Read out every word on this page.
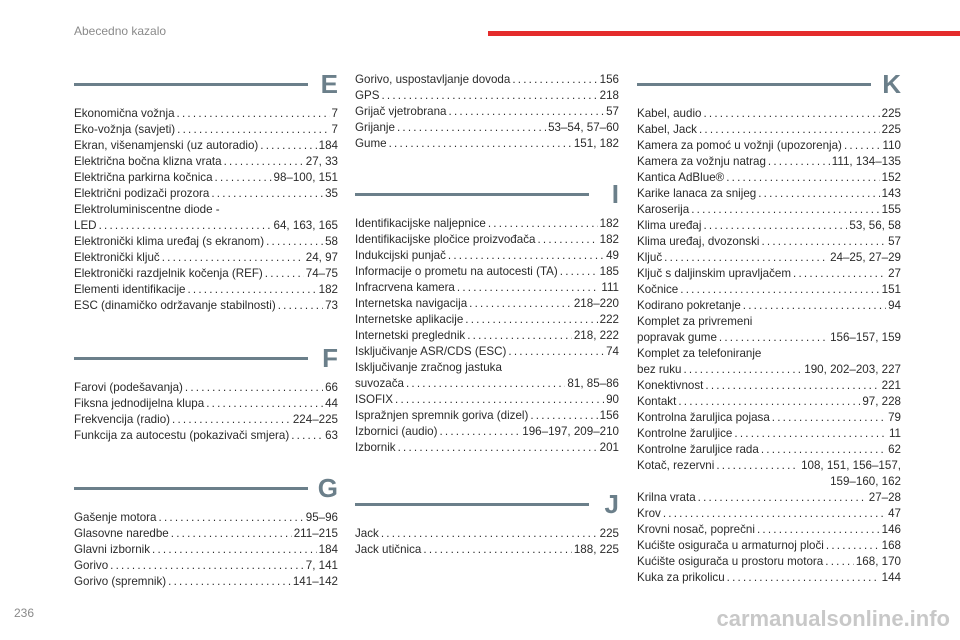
Abecedno kazalo
E
Ekonomična vožnja . . .	7
Eko-vožnja (savjeti) . . .	7
Ekran, višenamjenski (uz autoradio) . . .	184
Električna bočna klizna vrata . . .	27, 33
Električna parkirna kočnica . . .	98–100, 151
Električni podizači prozora . . .	35
Elektroluminiscentne diode -
LED . . .	64, 163, 165
Elektronički klima uređaj (s ekranom) . . .	58
Elektronički ključ . . .	24, 97
Elektronički razdjelnik kočenja (REF) . . .	74–75
Elementi identifikacije . . .	182
ESC (dinamičko održavanje stabilnosti) . . .	73
F
Farovi (podešavanja) . . .	66
Fiksna jednodijelna klupa . . .	44
Frekvencija (radio) . . .	224–225
Funkcija za autocestu (pokazivači smjera) . . .	63
G
Gašenje motora . . .	95–96
Glasovne naredbe . . .	211–215
Glavni izbornik . . .	184
Gorivo . . .	7, 141
Gorivo (spremnik) . . .	141–142
Gorivo, uspostavljanje dovoda . . .	156
GPS . . .	218
Grijač vjetrobrana . . .	57
Grijanje . . .	53–54, 57–60
Gume . . .	151, 182
I
Identifikacijske naljepnice . . .	182
Identifikacijske pločice proizvođača . . .	182
Indukcijski punjač . . .	49
Informacije o prometu na autocesti (TA) . . .	185
Infracrvena kamera . . .	111
Internetska navigacija . . .	218–220
Internetske aplikacije . . .	222
Internetski preglednik . . .	218, 222
Isključivanje ASR/CDS (ESC) . . .	74
Isključivanje zračnog jastuka
suvozača . . .	81, 85–86
ISOFIX . . .	90
Ispražnjen spremnik goriva (dizel) . . .	156
Izbornici (audio) . . .	196–197, 209–210
Izbornik . . .	201
J
Jack . . .	225
Jack utičnica . . .	188, 225
K
Kabel, audio . . .	225
Kabel, Jack . . .	225
Kamera za pomoć u vožnji (upozorenja) . . .	110
Kamera za vožnju natrag . . .	111, 134–135
Kantica AdBlue® . . .	152
Karike lanaca za snijeg . . .	143
Karoserija . . .	155
Klima uređaj . . .	53, 56, 58
Klima uređaj, dvozonski . . .	57
Ključ . . .	24–25, 27–29
Ključ s daljinskim upravljačem . . .	27
Kočnice . . .	151
Kodirano pokretanje . . .	94
Komplet za privremeni
popravak gume . . .	156–157, 159
Komplet za telefoniranje
bez ruku . . .	190, 202–203, 227
Konektivnost . . .	221
Kontakt . . .	97, 228
Kontrolna žaruljica pojasa . . .	79
Kontrolne žaruljice . . .	11
Kontrolne žaruljice rada . . .	62
Kotač, rezervni . . .	108, 151, 156–157,
159–160, 162
Krilna vrata . . .	27–28
Krov . . .	47
Krovni nosač, poprečni . . .	146
Kućište osigurača u armaturnoj ploči . . .	168
Kućište osigurača u prostoru motora . . .	168, 170
Kuka za prikolicu . . .	144
236	carmanualsonline.info
